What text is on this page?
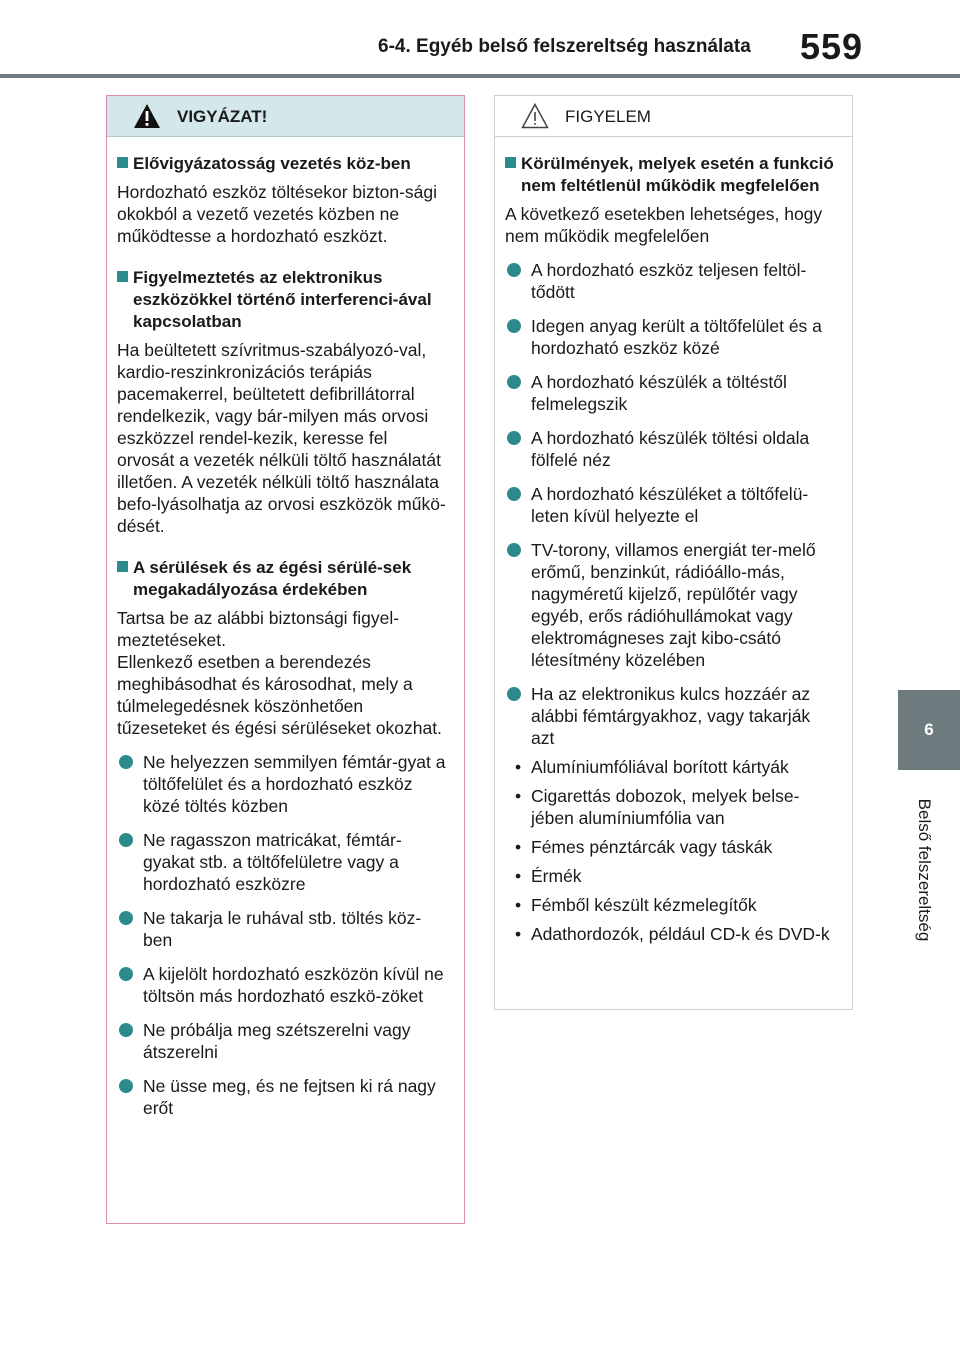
6-4. Egyéb belső felszereltség használata 559
6
Belső felszereltség
VIGYÁZAT!
Elővigyázatosság vezetés köz-ben
Hordozható eszköz töltésekor bizton-sági okokból a vezető vezetés közben ne működtesse a hordozható eszközt.
Figyelmeztetés az elektronikus eszközökkel történő interferenci-ával kapcsolatban
Ha beültetett szívritmus-szabályozó-val, kardio-reszinkronizációs terápiás pacemakerrel, beültetett defibrillátorral rendelkezik, vagy bár-milyen más orvosi eszközzel rendel-kezik, keresse fel orvosát a vezeték nélküli töltő használatát illetően. A vezeték nélküli töltő használata befo-lyásolhatja az orvosi eszközök műkö-dését.
A sérülések és az égési sérülé-sek megakadályozása érdekében
Tartsa be az alábbi biztonsági figyel-meztetéseket.
Ellenkező esetben a berendezés meghibásodhat és károsodhat, mely a túlmelegedésnek köszönhetően tűzeseteket és égési sérüléseket okozhat.
Ne helyezzen semmilyen fémtár-gyat a töltőfelület és a hordozható eszköz közé töltés közben
Ne ragasszon matricákat, fémtár-gyakat stb. a töltőfelületre vagy a hordozható eszközre
Ne takarja le ruhával stb. töltés köz-ben
A kijelölt hordozható eszközön kívül ne töltsön más hordozható eszkö-zöket
Ne próbálja meg szétszerelni vagy átszerelni
Ne üsse meg, és ne fejtsen ki rá nagy erőt
FIGYELEM
Körülmények, melyek esetén a funkció nem feltétlenül működik megfelelően
A következő esetekben lehetséges, hogy nem működik megfelelően
A hordozható eszköz teljesen feltöl-tődött
Idegen anyag került a töltőfelület és a hordozható eszköz közé
A hordozható készülék a töltéstől felmelegszik
A hordozható készülék töltési oldala fölfelé néz
A hordozható készüléket a töltőfelü-leten kívül helyezte el
TV-torony, villamos energiát ter-melő erőmű, benzinkút, rádióállo-más, nagyméretű kijelző, repülőtér vagy egyéb, erős rádióhullámokat vagy elektromágneses zajt kibo-csátó létesítmény közelében
Ha az elektronikus kulcs hozzáér az alábbi fémtárgyakhoz, vagy takarják azt
• Alumíniumfóliával borított kártyák
• Cigarettás dobozok, melyek belse-jében alumíniumfólia van
• Fémes pénztárcák vagy táskák
• Érmék
• Fémből készült kézmelegítők
• Adathordozók, például CD-k és DVD-k
